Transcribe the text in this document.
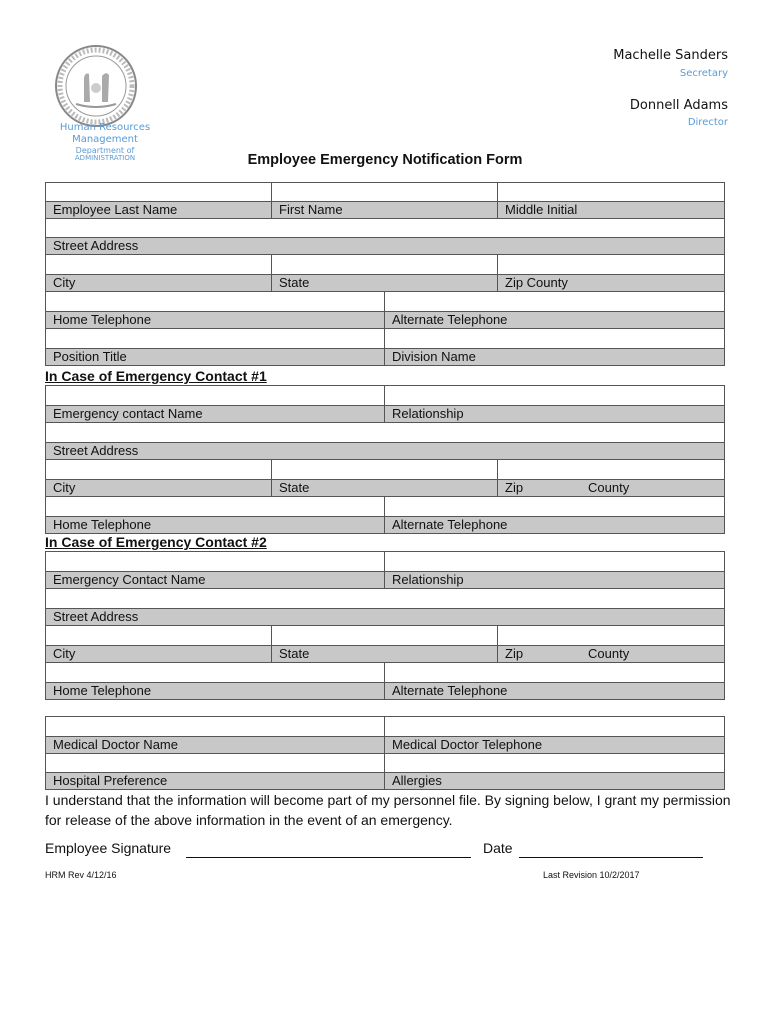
Human Resources
Management
Department of
ADMINISTRATION
Machelle Sanders
Secretary
Donnell Adams
Director
Employee Emergency Notification Form
Employee Last Name	First Name	Middle Initial
Street Address
City	State	Zip County
Home Telephone	Alternate Telephone
Position Title	Division Name
In Case of Emergency Contact #1
Emergency contact Name	Relationship
Street Address
City	State	Zip	County
Home Telephone	Alternate Telephone
In Case of Emergency Contact #2
Emergency Contact Name	Relationship
Street Address
City	State	Zip	County
Home Telephone	Alternate Telephone
Medical Doctor Name	Medical Doctor Telephone
Hospital Preference	Allergies
I understand that the information will become part of my personnel file. By signing below, I grant my permission for release of the above information in the event of an emergency.
Employee Signature	Date
HRM Rev 4/12/16	Last Revision 10/2/2017
